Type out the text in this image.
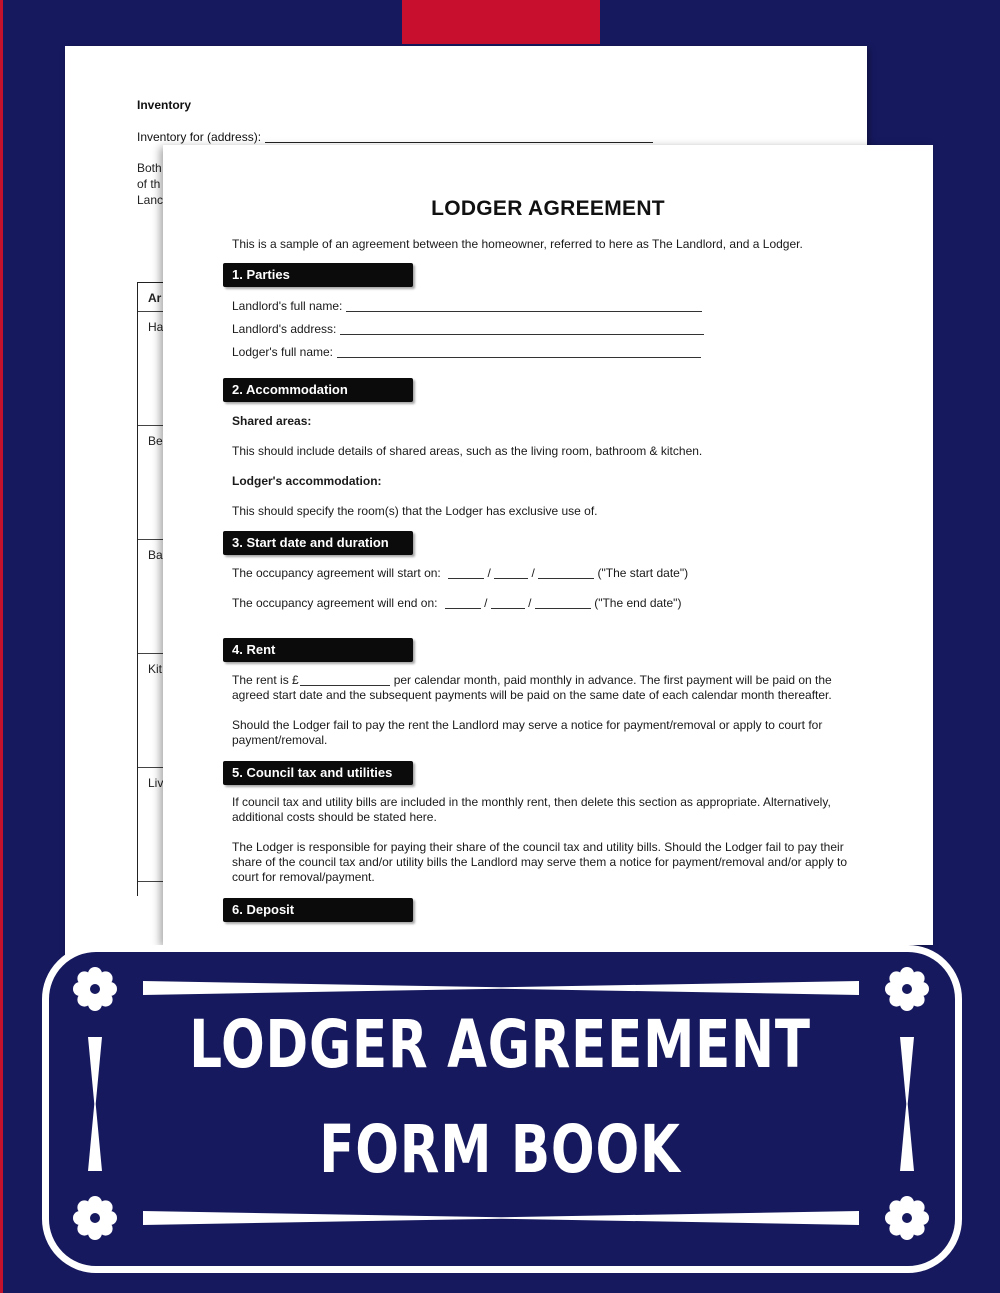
Inventory
Inventory for (address):
Both
of th
Lanc
Ar
Ha
Be
Ba
Kit
Liv
LODGER AGREEMENT
This is a sample of an agreement between the homeowner, referred to here as The Landlord, and a Lodger.
1. Parties
Landlord's full name:
Landlord's address:
Lodger's full name:
2. Accommodation
Shared areas:
This should include details of shared areas, such as the living room, bathroom & kitchen.
Lodger's accommodation:
This should specify the room(s) that the Lodger has exclusive use of.
3. Start date and duration
The occupancy agreement will start on:	/	/	("The start date")
The occupancy agreement will end on:	/	/	("The end date")
4. Rent
The rent is £	per calendar month, paid monthly in advance. The first payment will be paid on the agreed start date and the subsequent payments will be paid on the same date of each calendar month thereafter.
Should the Lodger fail to pay the rent the Landlord may serve a notice for payment/removal or apply to court for payment/removal.
5. Council tax and utilities
If council tax and utility bills are included in the monthly rent, then delete this section as appropriate. Alternatively, additional costs should be stated here.
The Lodger is responsible for paying their share of the council tax and utility bills. Should the Lodger fail to pay their share of the council tax and/or utility bills the Landlord may serve them a notice for payment/removal and/or apply to court for removal/payment.
6. Deposit
LODGER AGREEMENT
FORM BOOK
